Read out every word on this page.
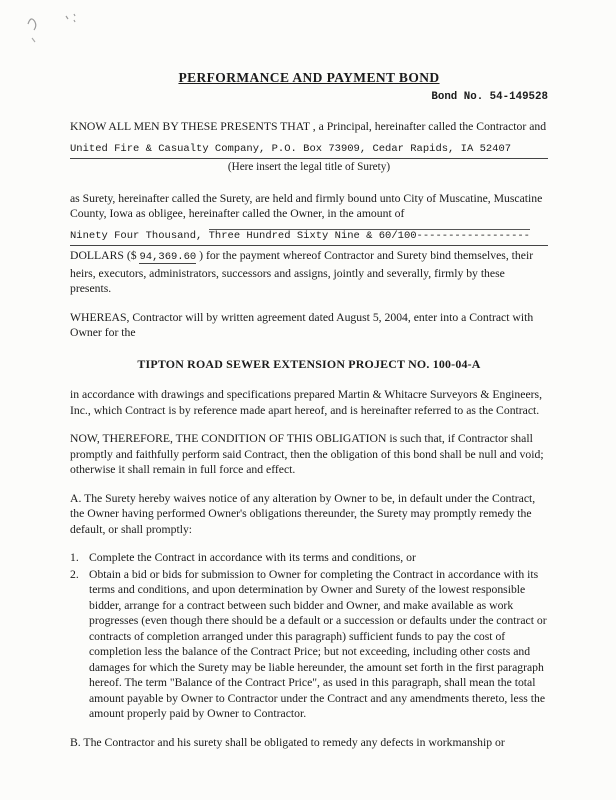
PERFORMANCE AND PAYMENT BOND
Bond No. 54-149528

KNOW ALL MEN BY THESE PRESENTS THAT , a Principal, hereinafter called the Contractor and

United Fire & Casualty Company, P.O. Box 73909, Cedar Rapids, IA 52407
(Here insert the legal title of Surety)

as Surety, hereinafter called the Surety, are held and firmly bound unto City of Muscatine, Muscatine County, Iowa as obligee, hereinafter called the Owner, in the amount of

Ninety Four Thousand, Three Hundred Sixty Nine & 60/100------------------

DOLLARS ($ 94,369.60 ) for the payment whereof Contractor and Surety bind themselves, their heirs, executors, administrators, successors and assigns, jointly and severally, firmly by these presents.

WHEREAS, Contractor will by written agreement dated August 5, 2004, enter into a Contract with Owner for the

TIPTON ROAD SEWER EXTENSION PROJECT NO. 100-04-A

in accordance with drawings and specifications prepared Martin & Whitacre Surveyors & Engineers, Inc., which Contract is by reference made apart hereof, and is hereinafter referred to as the Contract.

NOW, THEREFORE, THE CONDITION OF THIS OBLIGATION is such that, if Contractor shall promptly and faithfully perform said Contract, then the obligation of this bond shall be null and void; otherwise it shall remain in full force and effect.

A. The Surety hereby waives notice of any alteration by Owner to be, in default under the Contract, the Owner having performed Owner's obligations thereunder, the Surety may promptly remedy the default, or shall promptly:

1. Complete the Contract in accordance with its terms and conditions, or
2. Obtain a bid or bids for submission to Owner for completing the Contract in accordance with its terms and conditions, and upon determination by Owner and Surety of the lowest responsible bidder, arrange for a contract between such bidder and Owner, and make available as work progresses (even though there should be a default or a succession or defaults under the contract or contracts of completion arranged under this paragraph) sufficient funds to pay the cost of completion less the balance of the Contract Price; but not exceeding, including other costs and damages for which the Surety may be liable hereunder, the amount set forth in the first paragraph hereof. The term "Balance of the Contract Price", as used in this paragraph, shall mean the total amount payable by Owner to Contractor under the Contract and any amendments thereto, less the amount properly paid by Owner to Contractor.

B. The Contractor and his surety shall be obligated to remedy any defects in workmanship or
